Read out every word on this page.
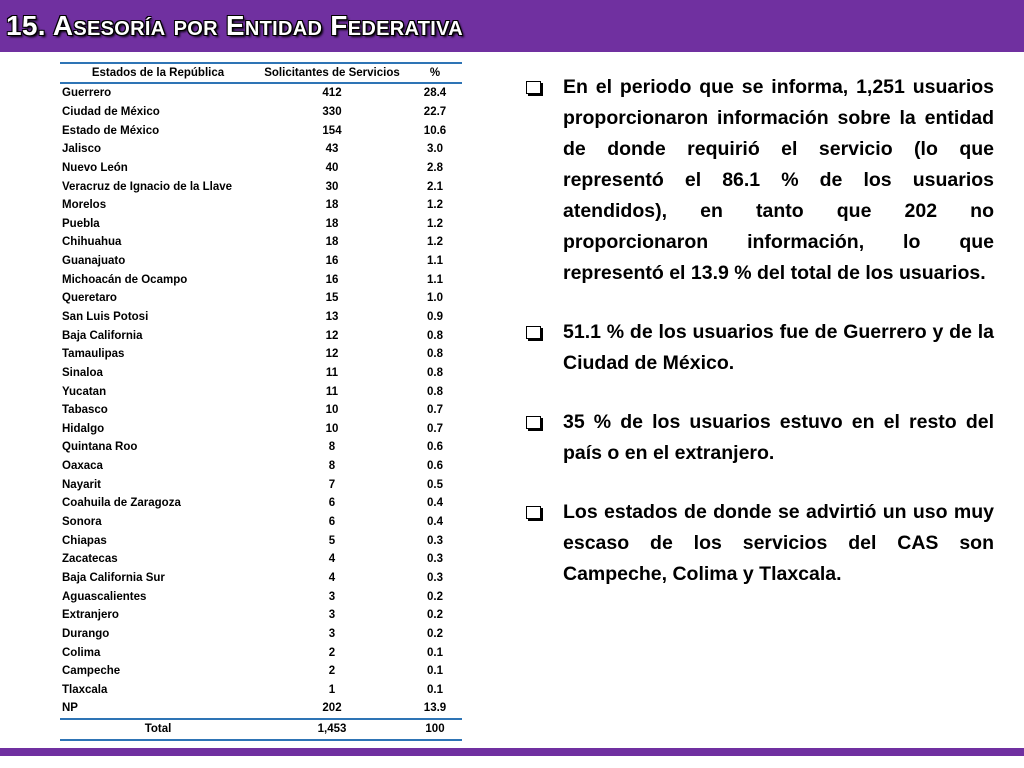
15. Asesoría por Entidad Federativa
Estados de la República	Solicitantes de Servicios	%
Guerrero	412	28.4
Ciudad de México	330	22.7
Estado de México	154	10.6
Jalisco	43	3.0
Nuevo León	40	2.8
Veracruz de Ignacio de la Llave	30	2.1
Morelos	18	1.2
Puebla	18	1.2
Chihuahua	18	1.2
Guanajuato	16	1.1
Michoacán de Ocampo	16	1.1
Queretaro	15	1.0
San Luis Potosi	13	0.9
Baja California	12	0.8
Tamaulipas	12	0.8
Sinaloa	11	0.8
Yucatan	11	0.8
Tabasco	10	0.7
Hidalgo	10	0.7
Quintana Roo	8	0.6
Oaxaca	8	0.6
Nayarit	7	0.5
Coahuila de Zaragoza	6	0.4
Sonora	6	0.4
Chiapas	5	0.3
Zacatecas	4	0.3
Baja California Sur	4	0.3
Aguascalientes	3	0.2
Extranjero	3	0.2
Durango	3	0.2
Colima	2	0.1
Campeche	2	0.1
Tlaxcala	1	0.1
NP	202	13.9
Total	1,453	100
En el periodo que se informa, 1,251 usuarios proporcionaron información sobre la entidad de donde requirió el servicio (lo que representó el 86.1 % de los usuarios atendidos), en tanto que 202 no proporcionaron información, lo que representó el 13.9 % del total de los usuarios.
51.1 % de los usuarios fue de Guerrero y de la Ciudad de México.
35 % de los usuarios estuvo en el resto del país o en el extranjero.
Los estados de donde se advirtió un uso muy escaso de los servicios del CAS son Campeche, Colima y Tlaxcala.
